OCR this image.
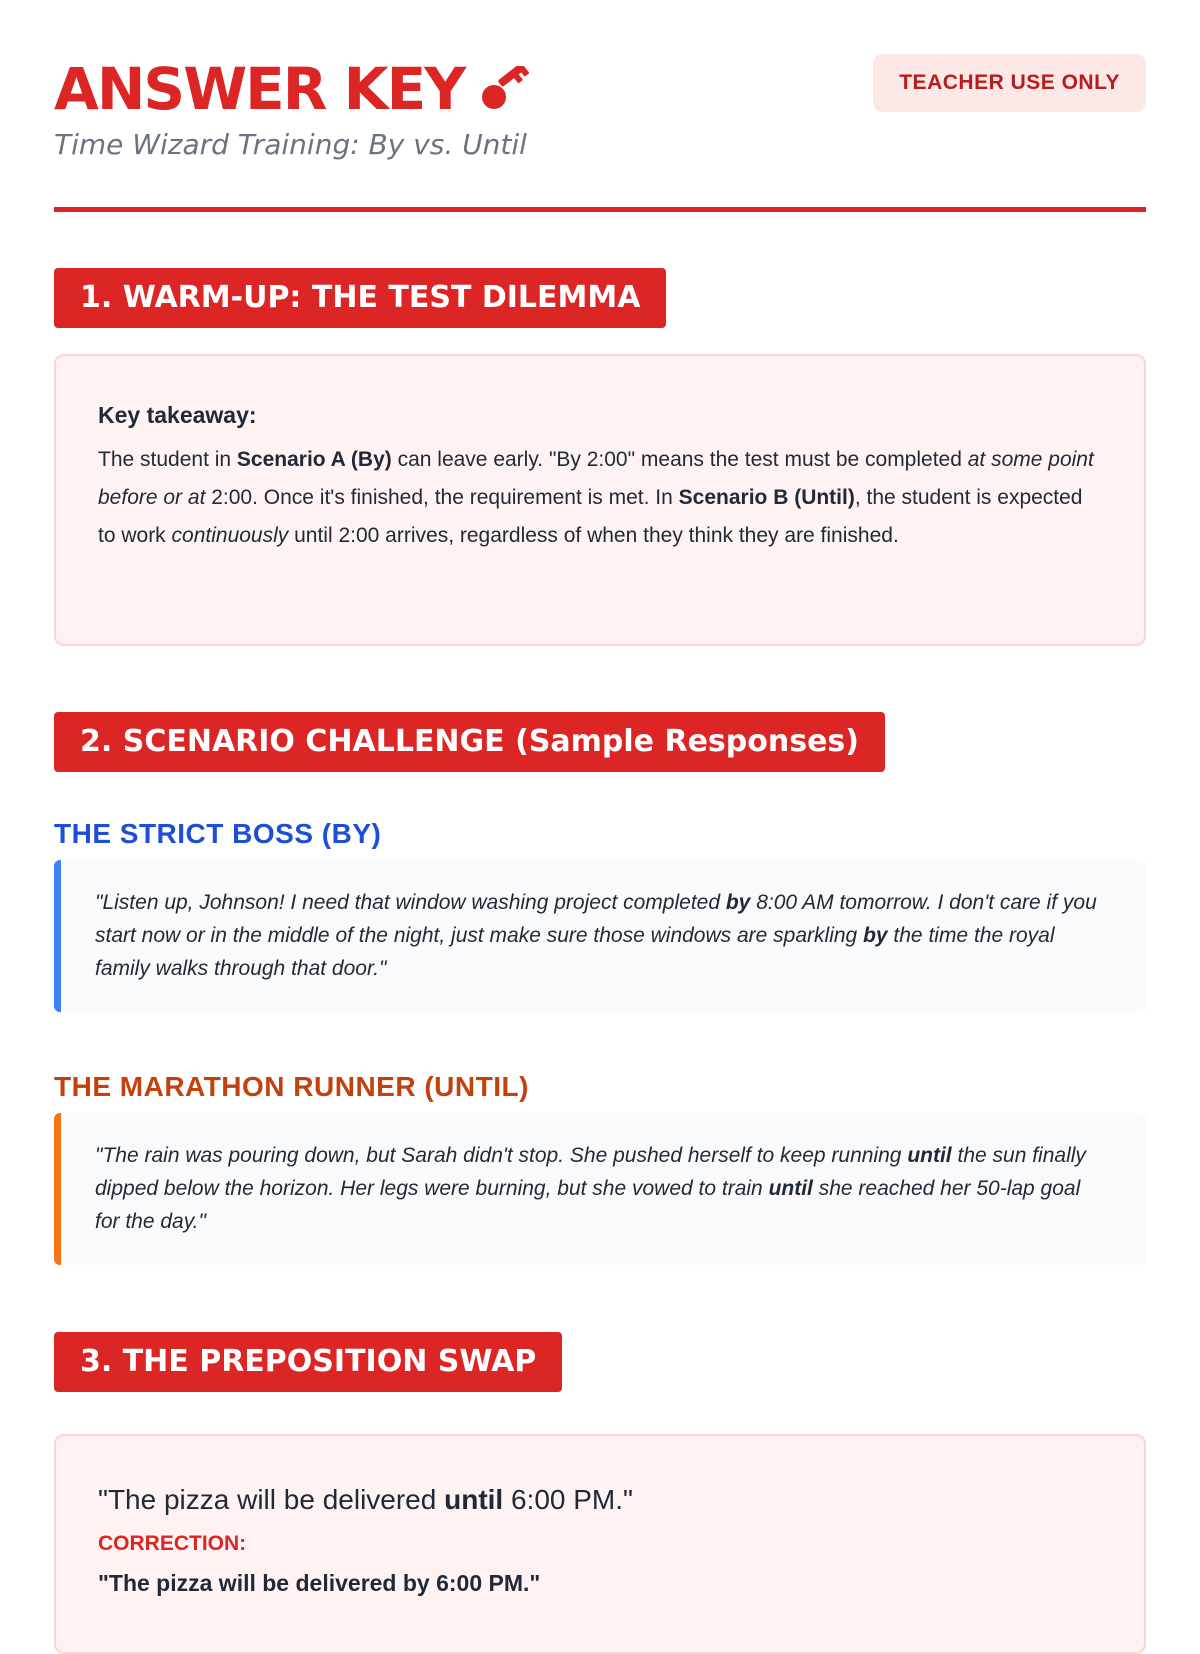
ANSWER KEY
Time Wizard Training: By vs. Until
TEACHER USE ONLY
1. WARM-UP: THE TEST DILEMMA
Key takeaway:
The student in Scenario A (By) can leave early. "By 2:00" means the test must be completed at some point before or at 2:00. Once it's finished, the requirement is met. In Scenario B (Until), the student is expected to work continuously until 2:00 arrives, regardless of when they think they are finished.
2. SCENARIO CHALLENGE (Sample Responses)
THE STRICT BOSS (BY)
"Listen up, Johnson! I need that window washing project completed by 8:00 AM tomorrow. I don't care if you start now or in the middle of the night, just make sure those windows are sparkling by the time the royal family walks through that door."
THE MARATHON RUNNER (UNTIL)
"The rain was pouring down, but Sarah didn't stop. She pushed herself to keep running until the sun finally dipped below the horizon. Her legs were burning, but she vowed to train until she reached her 50-lap goal for the day."
3. THE PREPOSITION SWAP
"The pizza will be delivered until 6:00 PM."
CORRECTION:
"The pizza will be delivered by 6:00 PM."
